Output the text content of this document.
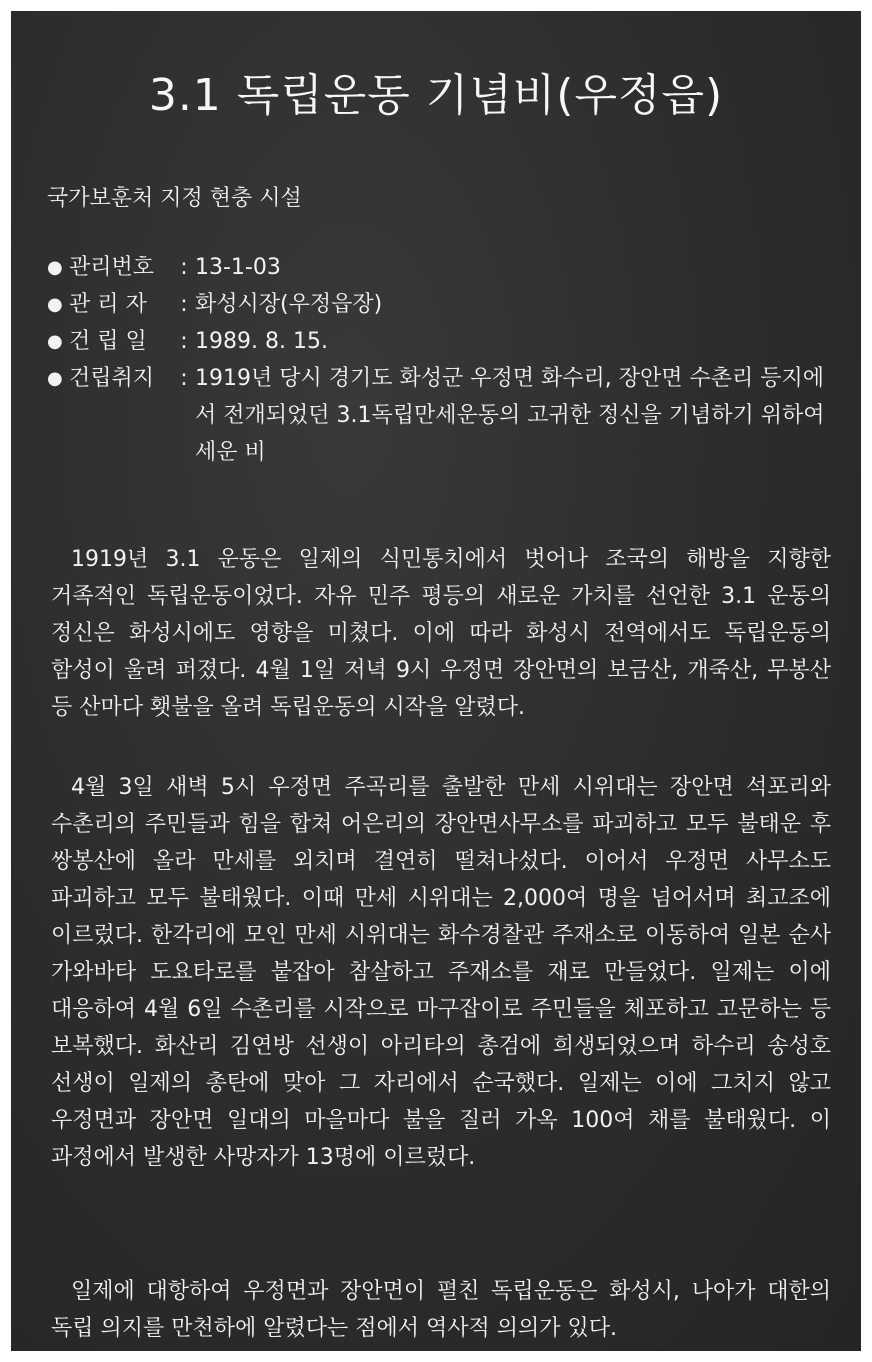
3.1 독립운동 기념비(우정읍)
국가보훈처 지정 현충 시설
● 관리번호	: 13-1-03
● 관 리 자	: 화성시장(우정읍장)
● 건 립 일	: 1989. 8. 15.
● 건립취지	: 1919년 당시 경기도 화성군 우정면 화수리, 장안면 수촌리 등지에서 전개되었던 3.1독립만세운동의 고귀한 정신을 기념하기 위하여 세운 비

1919년 3.1 운동은 일제의 식민통치에서 벗어나 조국의 해방을 지향한 거족적인 독립운동이었다. 자유 민주 평등의 새로운 가치를 선언한 3.1 운동의 정신은 화성시에도 영향을 미쳤다. 이에 따라 화성시 전역에서도 독립운동의 함성이 울려 퍼졌다. 4월 1일 저녁 9시 우정면 장안면의 보금산, 개죽산, 무봉산 등 산마다 횃불을 올려 독립운동의 시작을 알렸다.

4월 3일 새벽 5시 우정면 주곡리를 출발한 만세 시위대는 장안면 석포리와 수촌리의 주민들과 힘을 합쳐 어은리의 장안면사무소를 파괴하고 모두 불태운 후 쌍봉산에 올라 만세를 외치며 결연히 떨쳐나섰다. 이어서 우정면 사무소도 파괴하고 모두 불태웠다. 이때 만세 시위대는 2,000여 명을 넘어서며 최고조에 이르렀다. 한각리에 모인 만세 시위대는 화수경찰관 주재소로 이동하여 일본 순사 가와바타 도요타로를 붙잡아 참살하고 주재소를 재로 만들었다. 일제는 이에 대응하여 4월 6일 수촌리를 시작으로 마구잡이로 주민들을 체포하고 고문하는 등 보복했다. 화산리 김연방 선생이 아리타의 총검에 희생되었으며 하수리 송성호 선생이 일제의 총탄에 맞아 그 자리에서 순국했다. 일제는 이에 그치지 않고 우정면과 장안면 일대의 마을마다 불을 질러 가옥 100여 채를 불태웠다. 이 과정에서 발생한 사망자가 13명에 이르렀다.

일제에 대항하여 우정면과 장안면이 펼친 독립운동은 화성시, 나아가 대한의 독립 의지를 만천하에 알렸다는 점에서 역사적 의의가 있다.
